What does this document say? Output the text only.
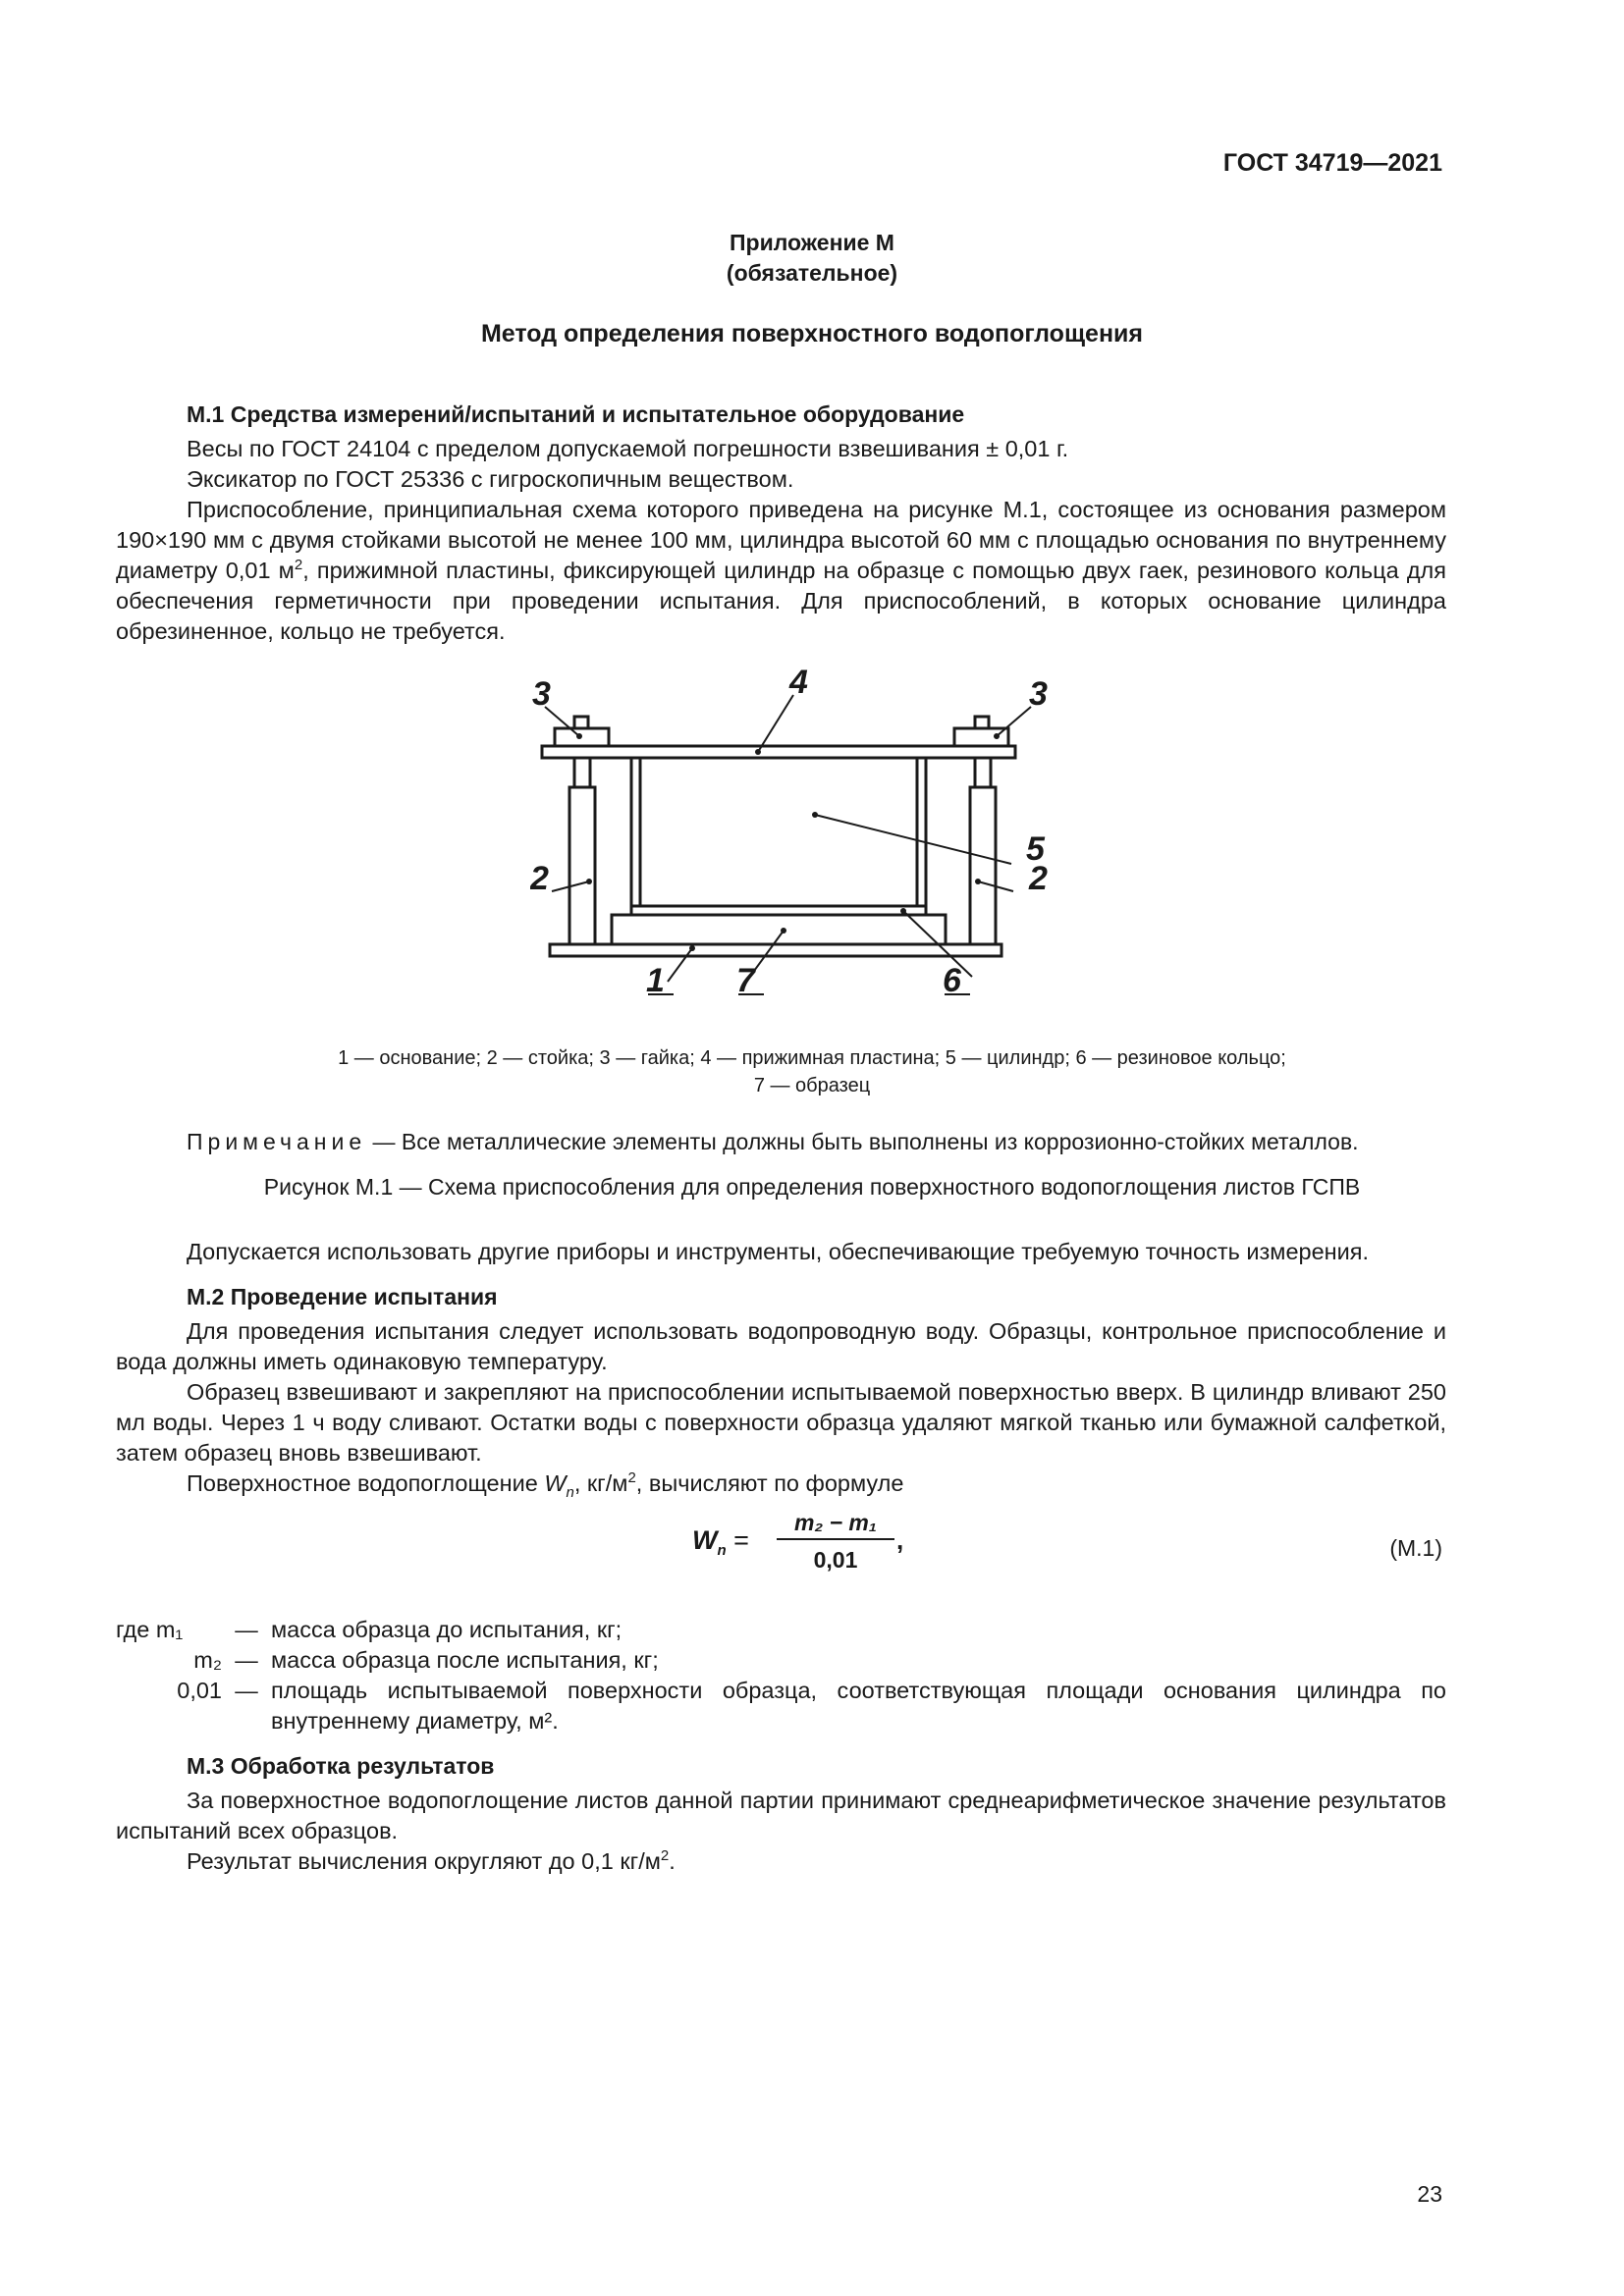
ГОСТ 34719—2021
Приложение М
(обязательное)
Метод определения поверхностного водопоглощения

М.1 Средства измерений/испытаний и испытательное оборудование

Весы по ГОСТ 24104 с пределом допускаемой погрешности взвешивания ± 0,01 г.

Эксикатор по ГОСТ 25336 с гигроскопичным веществом.

Приспособление, принципиальная схема которого приведена на рисунке М.1, состоящее из основания размером 190×190 мм с двумя стойками высотой не менее 100 мм, цилиндра высотой 60 мм с площадью основания по внутреннему диаметру 0,01 $м^2$, прижимной пластины, фиксирующей цилиндр на образце с помощью двух гаек, резинового кольца для обеспечения герметичности при проведении испытания. Для приспособлений, в которых основание цилиндра обрезиненное, кольцо не требуется.

3	3
4
5
2	2
6
1 7
1 — основание; 2 — стойка; 3 — гайка; 4 — прижимная пластина; 5 — цилиндр; 6 — резиновое кольцо;
7 — образец
Примечание — Все металлические элементы должны быть выполнены из коррозионно-стойких металлов.
Рисунок М.1 — Схема приспособления для определения поверхностного водопоглощения листов ГСПВ

Допускается использовать другие приборы и инструменты, обеспечивающие требуемую точность измерения.

М.2 Проведение испытания

Для проведения испытания следует использовать водопроводную воду. Образцы, контрольное приспособление и вода должны иметь одинаковую температуру.

Образец взвешивают и закрепляют на приспособлении испытываемой поверхностью вверх. В цилиндр вливают 250 мл воды. Через 1 ч воду сливают. Остатки воды с поверхности образца удаляют мягкой тканью или бумажной салфеткой, затем образец вновь взвешивают.

Поверхностное водопоглощение $W_n$, $кг/м^2$, вычисляют по формуле

$W_n$ =
m₂ − m₁
0,01
,	(М.1)
где m₁	— масса образца до испытания, кг;
m₂ — масса образца после испытания, кг;
0,01 — площадь испытываемой поверхности образца, соответствующая площади основания цилиндра по внутреннему диаметру, м².

М.3 Обработка результатов

За поверхностное водопоглощение листов данной партии принимают среднеарифметическое значение результатов испытаний всех образцов.

Результат вычисления округляют до 0,1 $кг/м^2$.

23
